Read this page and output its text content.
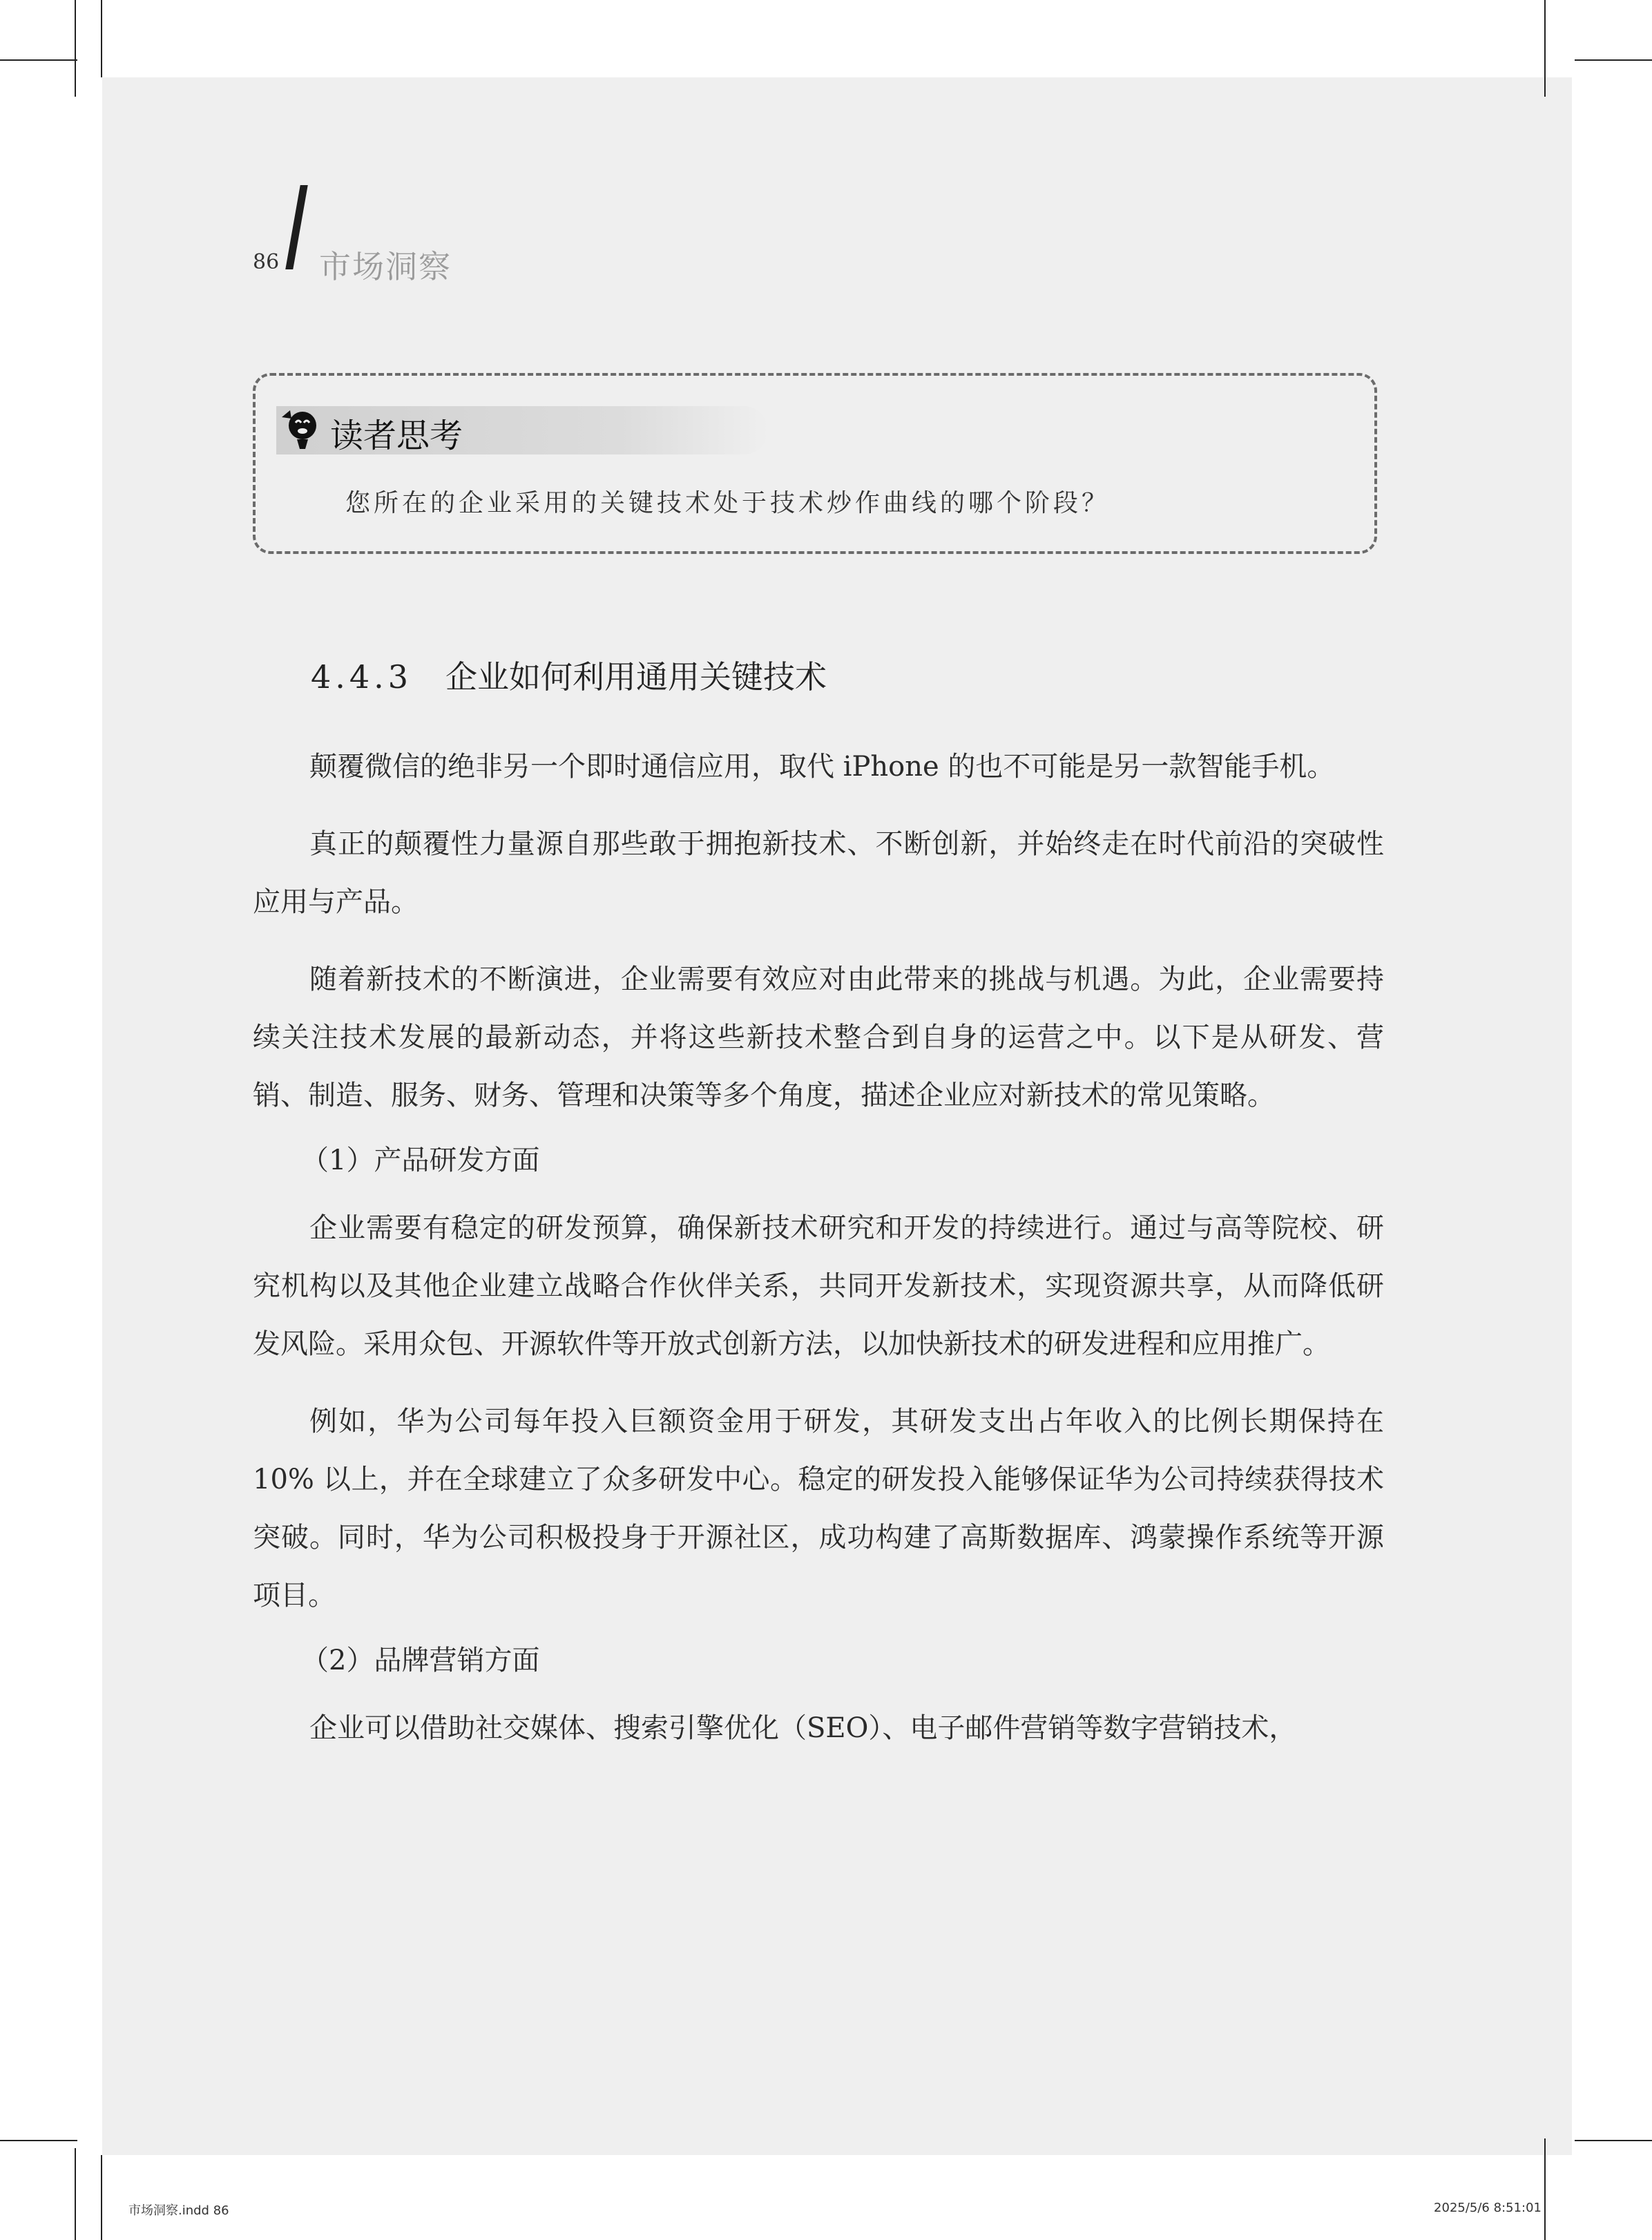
86 市场洞察
读者思考
您所在的企业采用的关键技术处于技术炒作曲线的哪个阶段？
4.4.3 企业如何利用通用关键技术

颠覆微信的绝非另一个即时通信应用，取代 iPhone 的也不可能是另一款智能手机。

真正的颠覆性力量源自那些敢于拥抱新技术、不断创新，并始终走在时代前沿的突破性应用与产品。

随着新技术的不断演进，企业需要有效应对由此带来的挑战与机遇。为此，企业需要持续关注技术发展的最新动态，并将这些新技术整合到自身的运营之中。以下是从研发、营销、制造、服务、财务、管理和决策等多个角度，描述企业应对新技术的常见策略。

（1）产品研发方面

企业需要有稳定的研发预算，确保新技术研究和开发的持续进行。通过与高等院校、研究机构以及其他企业建立战略合作伙伴关系，共同开发新技术，实现资源共享，从而降低研发风险。采用众包、开源软件等开放式创新方法，以加快新技术的研发进程和应用推广。

例如，华为公司每年投入巨额资金用于研发，其研发支出占年收入的比例长期保持在 10% 以上，并在全球建立了众多研发中心。稳定的研发投入能够保证华为公司持续获得技术突破。同时，华为公司积极投身于开源社区，成功构建了高斯数据库、鸿蒙操作系统等开源项目。

（2）品牌营销方面

企业可以借助社交媒体、搜索引擎优化（SEO）、电子邮件营销等数字营销技术，

市场洞察.indd 86	2025/5/6 8:51:01
